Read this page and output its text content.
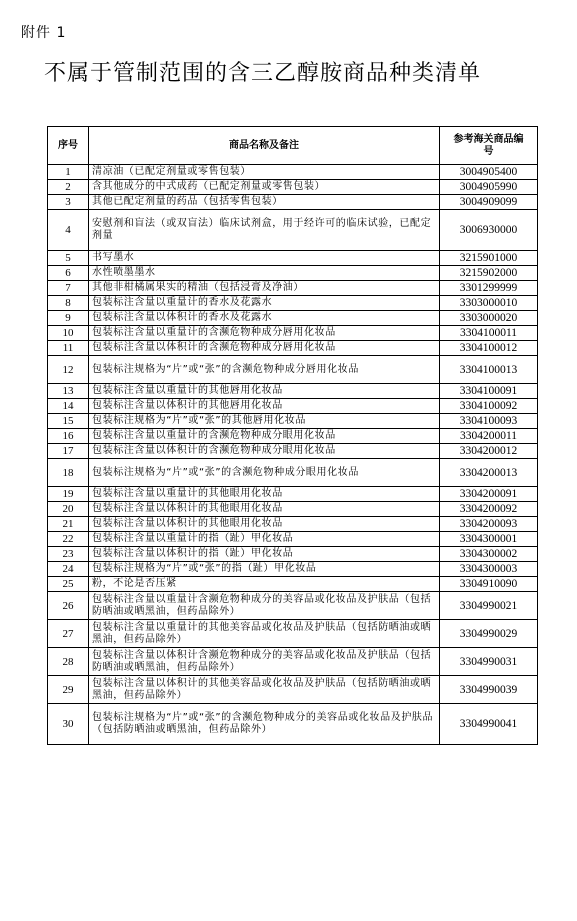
附件 1
不属于管制范围的含三乙醇胺商品种类清单
序号	商品名称及备注	参考海关商品编号
1	清凉油（已配定剂量或零售包装）	3004905400
2	含其他成分的中式成药（已配定剂量或零售包装）	3004905990
3	其他已配定剂量的药品（包括零售包装）	3004909099
4	安慰剂和盲法（或双盲法）临床试剂盒，用于经许可的临床试验，已配定剂量	3006930000
5	书写墨水	3215901000
6	水性喷墨墨水	3215902000
7	其他非柑橘属果实的精油（包括浸膏及净油）	3301299999
8	包装标注含量以重量计的香水及花露水	3303000010
9	包装标注含量以体积计的香水及花露水	3303000020
10	包装标注含量以重量计的含濒危物种成分唇用化妆品	3304100011
11	包装标注含量以体积计的含濒危物种成分唇用化妆品	3304100012
12	包装标注规格为“片”或“张”的含濒危物种成分唇用化妆品	3304100013
13	包装标注含量以重量计的其他唇用化妆品	3304100091
14	包装标注含量以体积计的其他唇用化妆品	3304100092
15	包装标注规格为“片”或“张”的其他唇用化妆品	3304100093
16	包装标注含量以重量计的含濒危物种成分眼用化妆品	3304200011
17	包装标注含量以体积计的含濒危物种成分眼用化妆品	3304200012
18	包装标注规格为“片”或“张”的含濒危物种成分眼用化妆品	3304200013
19	包装标注含量以重量计的其他眼用化妆品	3304200091
20	包装标注含量以体积计的其他眼用化妆品	3304200092
21	包装标注含量以体积计的其他眼用化妆品	3304200093
22	包装标注含量以重量计的指（趾）甲化妆品	3304300001
23	包装标注含量以体积计的指（趾）甲化妆品	3304300002
24	包装标注规格为“片”或“张”的指（趾）甲化妆品	3304300003
25	粉，不论是否压紧	3304910090
26	包装标注含量以重量计含濒危物种成分的美容品或化妆品及护肤品（包括防晒油或晒黑油，但药品除外）	3304990021
27	包装标注含量以重量计的其他美容品或化妆品及护肤品（包括防晒油或晒黑油，但药品除外）	3304990029
28	包装标注含量以体积计含濒危物种成分的美容品或化妆品及护肤品（包括防晒油或晒黑油，但药品除外）	3304990031
29	包装标注含量以体积计的其他美容品或化妆品及护肤品（包括防晒油或晒黑油，但药品除外）	3304990039
30	包装标注规格为“片”或“张”的含濒危物种成分的美容品或化妆品及护肤品（包括防晒油或晒黑油，但药品除外）	3304990041
